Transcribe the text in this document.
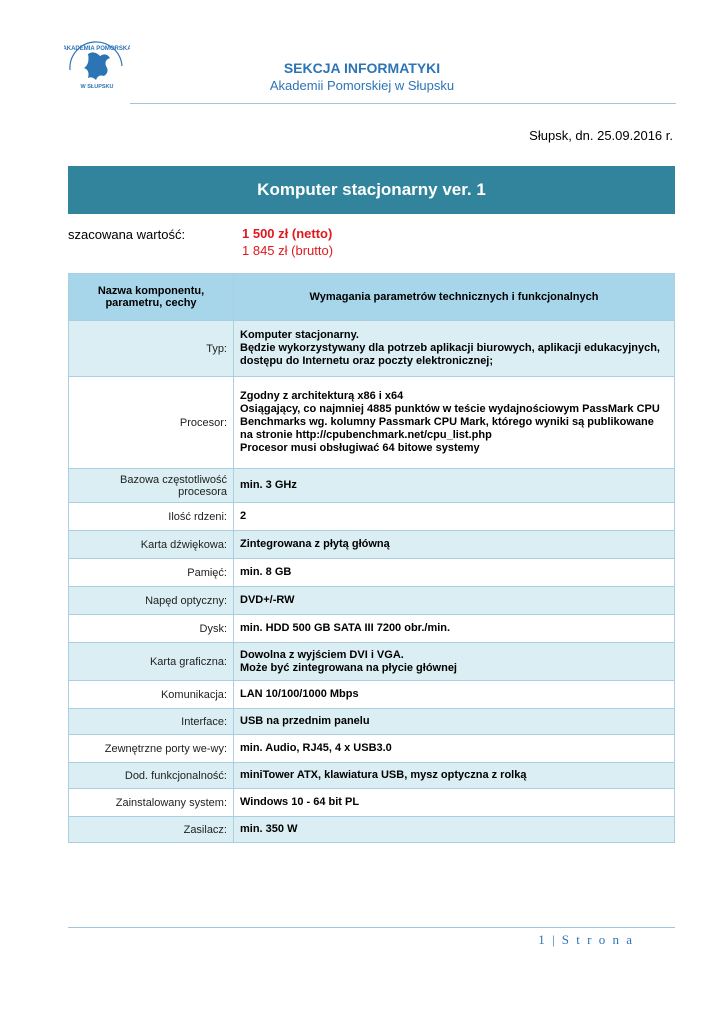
AKADEMIA POMORSKA
W SŁUPSKU
SEKCJA INFORMATYKI
Akademii Pomorskiej w Słupsku
Słupsk, dn. 25.09.2016 r.
Komputer stacjonarny ver. 1
szacowana wartość:	1 500 zł (netto)
1 845 zł (brutto)
Nazwa komponentu, parametru, cechy	Wymagania parametrów technicznych i funkcjonalnych
Typ:	Komputer stacjonarny.
Będzie wykorzystywany dla potrzeb aplikacji biurowych, aplikacji edukacyjnych, dostępu do Internetu oraz poczty elektronicznej;
Procesor:	Zgodny z architekturą x86 i x64
Osiągający, co najmniej 4885 punktów w teście wydajnościowym PassMark CPU Benchmarks wg. kolumny Passmark CPU Mark, którego wyniki są publikowane na stronie http://cpubenchmark.net/cpu_list.php
Procesor musi obsługiwać 64 bitowe systemy
Bazowa częstotliwość procesora	min. 3 GHz
Ilość rdzeni:	2
Karta dźwiękowa:	Zintegrowana z płytą główną
Pamięć:	min. 8 GB
Napęd optyczny:	DVD+/-RW
Dysk:	min. HDD 500 GB SATA III 7200 obr./min.
Karta graficzna:	Dowolna z wyjściem DVI i VGA.
Może być zintegrowana na płycie głównej
Komunikacja:	LAN 10/100/1000 Mbps
Interface:	USB na przednim panelu
Zewnętrzne porty we-wy:	min. Audio, RJ45, 4 x USB3.0
Dod. funkcjonalność:	miniTower ATX, klawiatura USB, mysz optyczna z rolką
Zainstalowany system:	Windows 10 - 64 bit PL
Zasilacz:	min. 350 W
1 | S t r o n a
